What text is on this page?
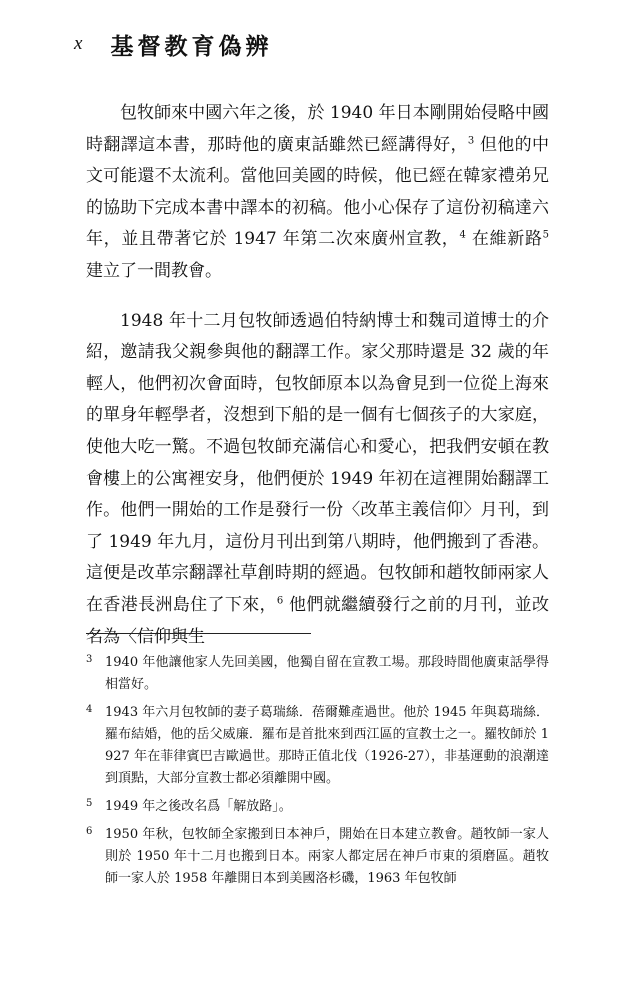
x 基督教育偽辨

包牧師來中國六年之後，於 1940 年日本剛開始侵略中國時翻譯這本書，那時他的廣東話雖然已經講得好，$^3$ 但他的中文可能還不太流利。當他回美國的時候，他已經在韓家禮弟兄的協助下完成本書中譯本的初稿。他小心保存了這份初稿達六年，並且帶著它於 1947 年第二次來廣州宣教，$^4$ 在維新路$^5$ 建立了一間教會。

1948 年十二月包牧師透過伯特納博士和魏司道博士的介紹，邀請我父親參與他的翻譯工作。家父那時還是 32 歲的年輕人，他們初次會面時，包牧師原本以為會見到一位從上海來的單身年輕學者，沒想到下船的是一個有七個孩子的大家庭，使他大吃一驚。不過包牧師充滿信心和愛心，把我們安頓在教會樓上的公寓裡安身，他們便於 1949 年初在這裡開始翻譯工作。他們一開始的工作是發行一份〈改革主義信仰〉月刊，到了 1949 年九月，這份月刊出到第八期時，他們搬到了香港。這便是改革宗翻譯社草創時期的經過。包牧師和趙牧師兩家人在香港長洲島住了下來，$^6$ 他們就繼續發行之前的月刊，並改名為〈信仰與生

3 1940 年他讓他家人先回美國，他獨自留在宣教工場。那段時間他廣東話學得相當好。

4 1943 年六月包牧師的妻子葛瑞絲．蓓爾難產過世。他於 1945 年與葛瑞絲．羅布結婚，他的岳父威廉．羅布是首批來到西江區的宣教士之一。羅牧師於 1927 年在菲律賓巴吉歐過世。那時正值北伐（1926-27），非基運動的浪潮達到頂點，大部分宣教士都必須離開中國。

5 1949 年之後改名爲「解放路」。

6 1950 年秋，包牧師全家搬到日本神戶，開始在日本建立教會。趙牧師一家人則於 1950 年十二月也搬到日本。兩家人都定居在神戶市東的須磨區。趙牧師一家人於 1958 年離開日本到美國洛杉磯，1963 年包牧師
